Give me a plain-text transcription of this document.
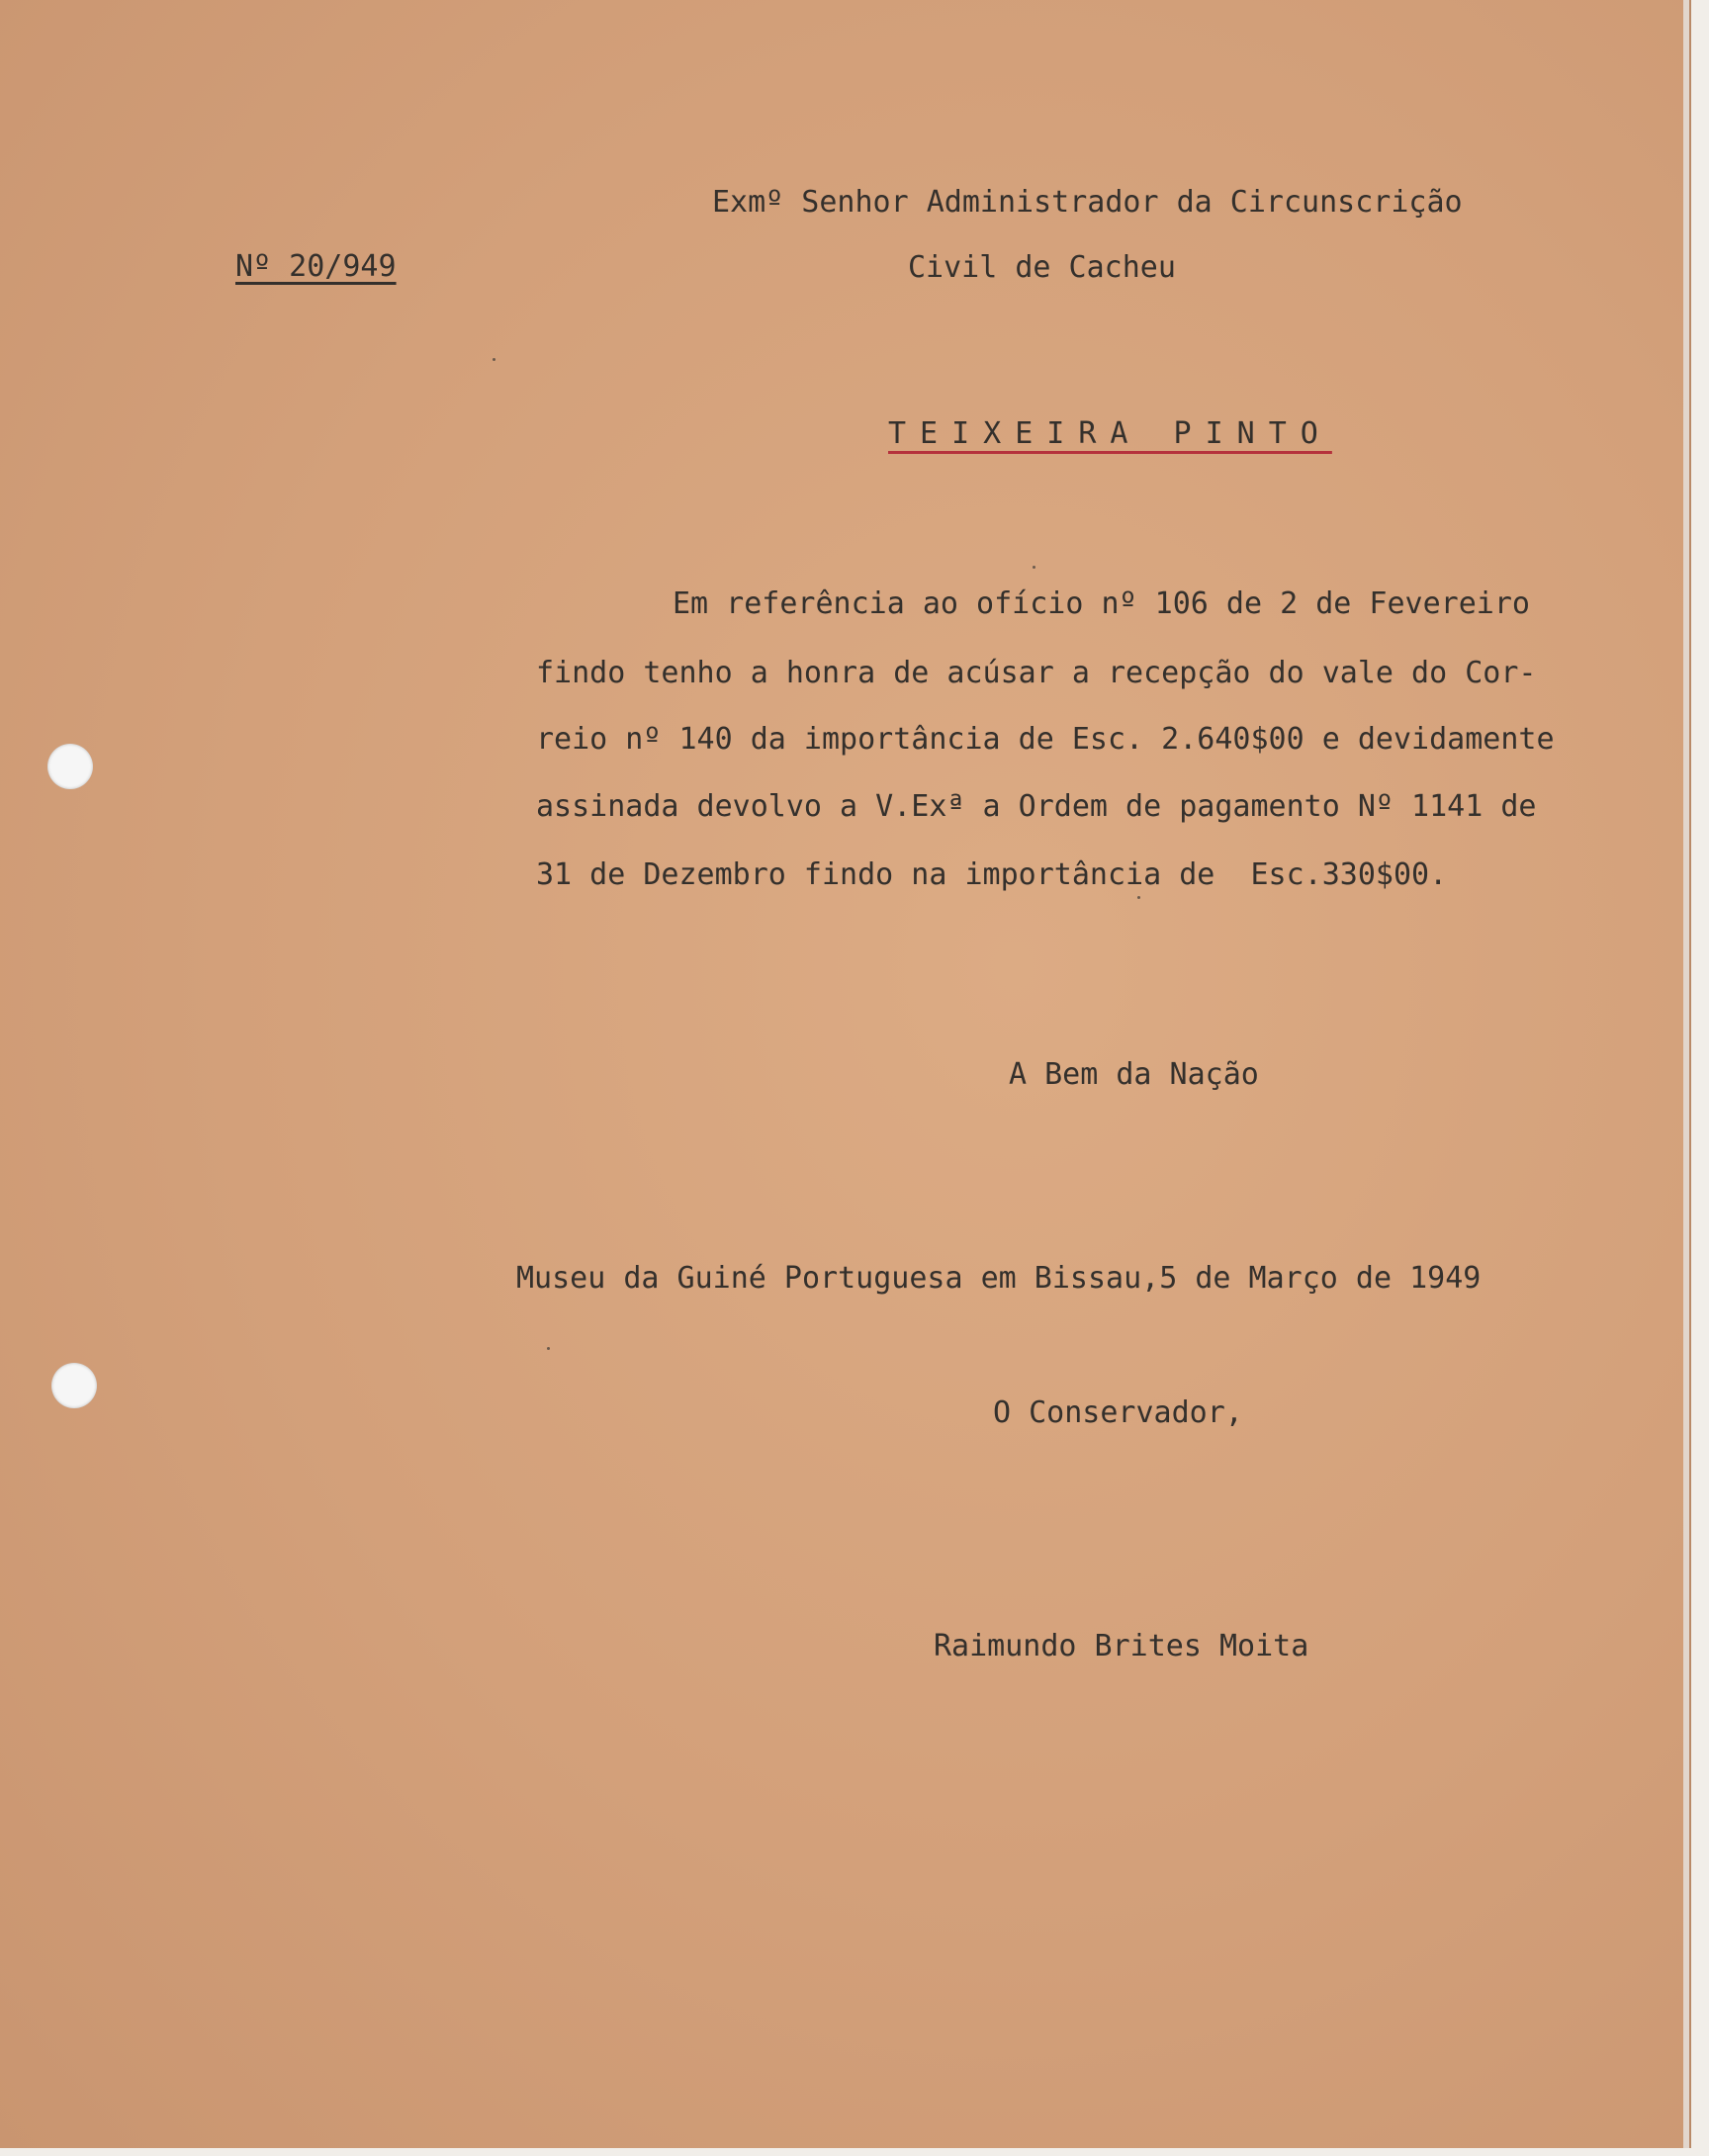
Nº 20/949
Exmº Senhor Administrador da Circunscrição
Civil de Cacheu
TEIXEIRA PINTO
Em referência ao ofício nº 106 de 2 de Fevereiro
findo tenho a honra de acúsar a recepção do vale do Cor-
reio nº 140 da importância de Esc. 2.640$00 e devidamente
assinada devolvo a V.Exª a Ordem de pagamento Nº 1141 de
31 de Dezembro findo na importância de  Esc.330$00.
A Bem da Nação
Museu da Guiné Portuguesa em Bissau,5 de Março de 1949
O Conservador,
Raimundo Brites Moita
